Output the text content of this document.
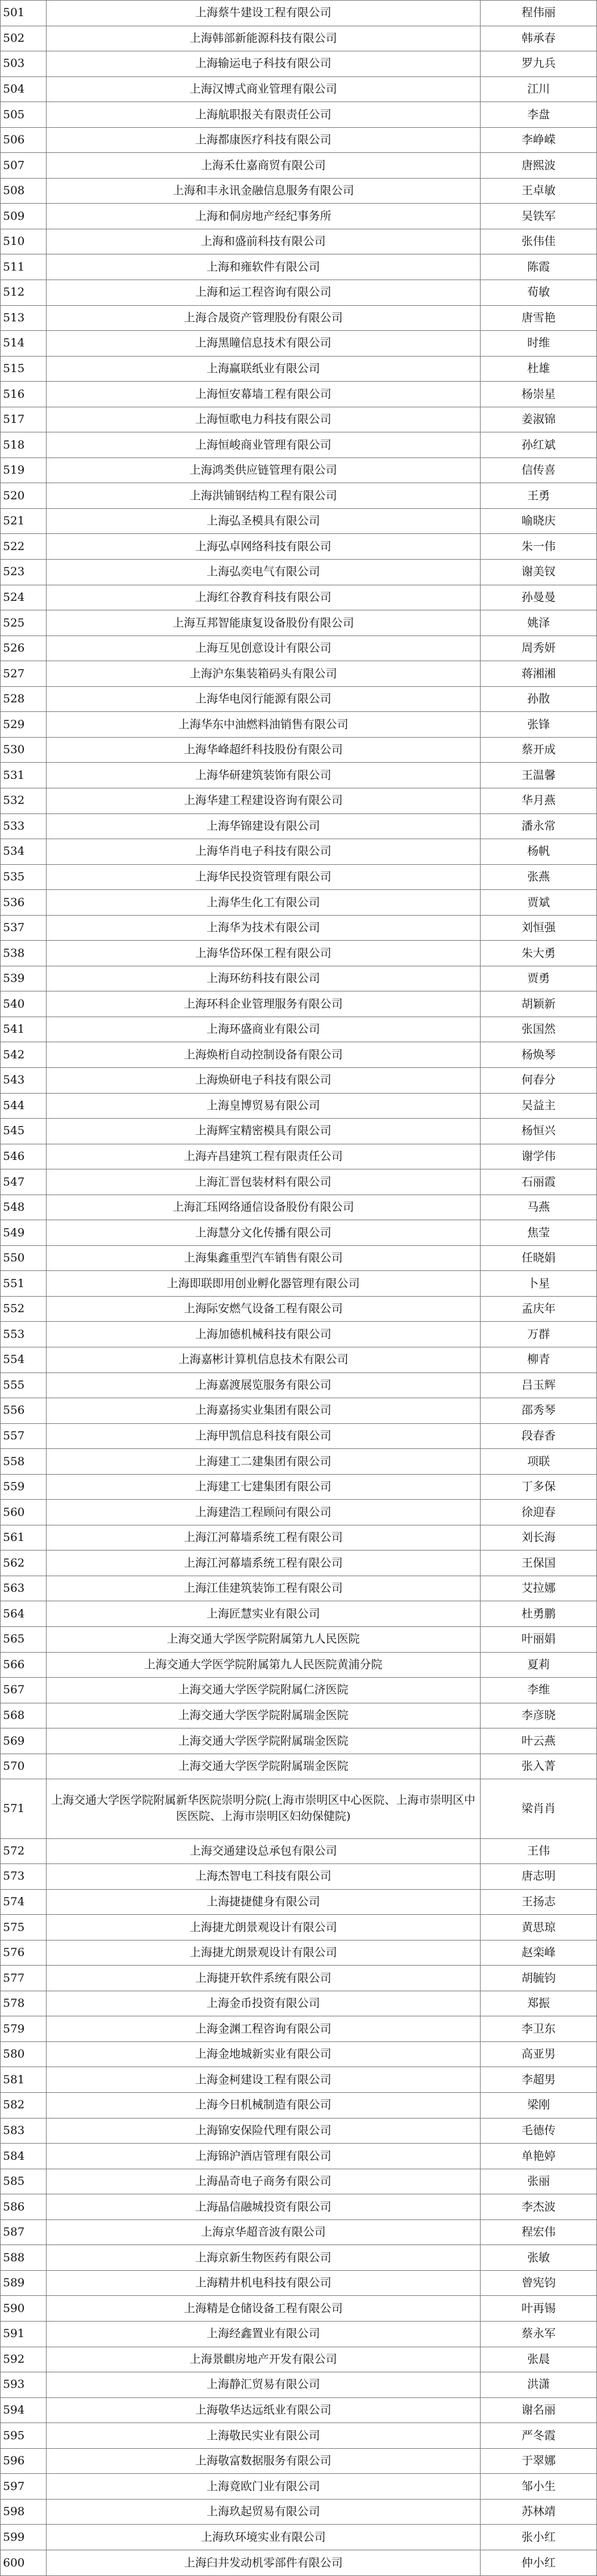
501	上海蔡牛建设工程有限公司	程伟丽
502	上海韩部新能源科技有限公司	韩承春
503	上海输运电子科技有限公司	罗九兵
504	上海汉博式商业管理有限公司	江川
505	上海航职报关有限责任公司	李盘
506	上海都康医疗科技有限公司	李峥嵘
507	上海禾仕嘉商贸有限公司	唐熙波
508	上海和丰永讯金融信息服务有限公司	王卓敏
509	上海和侗房地产经纪事务所	吴铁军
510	上海和盛前科技有限公司	张伟佳
511	上海和雍软件有限公司	陈霞
512	上海和运工程咨询有限公司	荀敏
513	上海合晟资产管理股份有限公司	唐雪艳
514	上海黑瞳信息技术有限公司	时维
515	上海赢联纸业有限公司	杜雄
516	上海恒安幕墙工程有限公司	杨崇星
517	上海恒歌电力科技有限公司	姜淑锦
518	上海恒峻商业管理有限公司	孙红斌
519	上海鸿类供应链管理有限公司	信传喜
520	上海洪铺钢结构工程有限公司	王勇
521	上海弘圣模具有限公司	喻晓庆
522	上海弘卓网络科技有限公司	朱一伟
523	上海弘奕电气有限公司	谢美钗
524	上海红谷教育科技有限公司	孙曼曼
525	上海互邦智能康复设备股份有限公司	姚泽
526	上海互见创意设计有限公司	周秀妍
527	上海沪东集装箱码头有限公司	蒋湘湘
528	上海华电闵行能源有限公司	孙散
529	上海华东中油燃料油销售有限公司	张锋
530	上海华峰超纤科技股份有限公司	蔡开成
531	上海华研建筑装饰有限公司	王温馨
532	上海华建工程建设咨询有限公司	华月燕
533	上海华锦建设有限公司	潘永常
534	上海华肖电子科技有限公司	杨帆
535	上海华民投资管理有限公司	张燕
536	上海华生化工有限公司	贾斌
537	上海华为技术有限公司	刘恒强
538	上海华岱环保工程有限公司	朱大勇
539	上海环纺科技有限公司	贾勇
540	上海环科企业管理服务有限公司	胡颖新
541	上海环盛商业有限公司	张国然
542	上海焕桁自动控制设备有限公司	杨焕琴
543	上海焕研电子科技有限公司	何春分
544	上海皇博贸易有限公司	吴益主
545	上海辉宝精密模具有限公司	杨恒兴
546	上海卉昌建筑工程有限责任公司	谢学伟
547	上海汇晋包装材料有限公司	石丽霞
548	上海汇珏网络通信设备股份有限公司	马燕
549	上海慧分文化传播有限公司	焦莹
550	上海集鑫重型汽车销售有限公司	任晓娟
551	上海即联即用创业孵化器管理有限公司	卜星
552	上海际安燃气设备工程有限公司	孟庆年
553	上海加德机械科技有限公司	万群
554	上海嘉彬计算机信息技术有限公司	柳青
555	上海嘉渡展览服务有限公司	吕玉辉
556	上海嘉扬实业集团有限公司	邵秀琴
557	上海甲凯信息科技有限公司	段春香
558	上海建工二建集团有限公司	项联
559	上海建工七建集团有限公司	丁多保
560	上海建浩工程顾问有限公司	徐迎春
561	上海江河幕墙系统工程有限公司	刘长海
562	上海江河幕墙系统工程有限公司	王保国
563	上海江佳建筑装饰工程有限公司	艾拉娜
564	上海匠慧实业有限公司	杜勇鹏
565	上海交通大学医学院附属第九人民医院	叶丽娟
566	上海交通大学医学院附属第九人民医院黄浦分院	夏莉
567	上海交通大学医学院附属仁济医院	李维
568	上海交通大学医学院附属瑞金医院	李彦晓
569	上海交通大学医学院附属瑞金医院	叶云燕
570	上海交通大学医学院附属瑞金医院	张入菁
571	上海交通大学医学院附属新华医院崇明分院(上海市崇明区中心医院、上海市崇明区中医医院、上海市崇明区妇幼保健院)	梁肖肖
572	上海交通建设总承包有限公司	王伟
573	上海杰智电工科技有限公司	唐志明
574	上海捷捷健身有限公司	王扬志
575	上海捷尤朗景观设计有限公司	黄思琼
576	上海捷尤朗景观设计有限公司	赵栾峰
577	上海捷开软件系统有限公司	胡毓钧
578	上海金币投资有限公司	郑振
579	上海金渊工程咨询有限公司	李卫东
580	上海金地城新实业有限公司	高亚男
581	上海金柯建设工程有限公司	李超男
582	上海今日机械制造有限公司	梁刚
583	上海锦安保险代理有限公司	毛德传
584	上海锦沪酒店管理有限公司	单艳婷
585	上海晶奇电子商务有限公司	张丽
586	上海晶信融城投资有限公司	李杰波
587	上海京华超音波有限公司	程宏伟
588	上海京新生物医药有限公司	张敏
589	上海精井机电科技有限公司	曾宪钧
590	上海精是仓储设备工程有限公司	叶再锡
591	上海经鑫置业有限公司	蔡永军
592	上海景麒房地产开发有限公司	张晨
593	上海静汇贸易有限公司	洪潇
594	上海敬华达远纸业有限公司	谢名丽
595	上海敬民实业有限公司	严冬霞
596	上海敬富数据服务有限公司	于翠娜
597	上海竟欧门业有限公司	邹小生
598	上海玖起贸易有限公司	苏林靖
599	上海玖环境实业有限公司	张小红
600	上海臼井发动机零部件有限公司	仲小红
